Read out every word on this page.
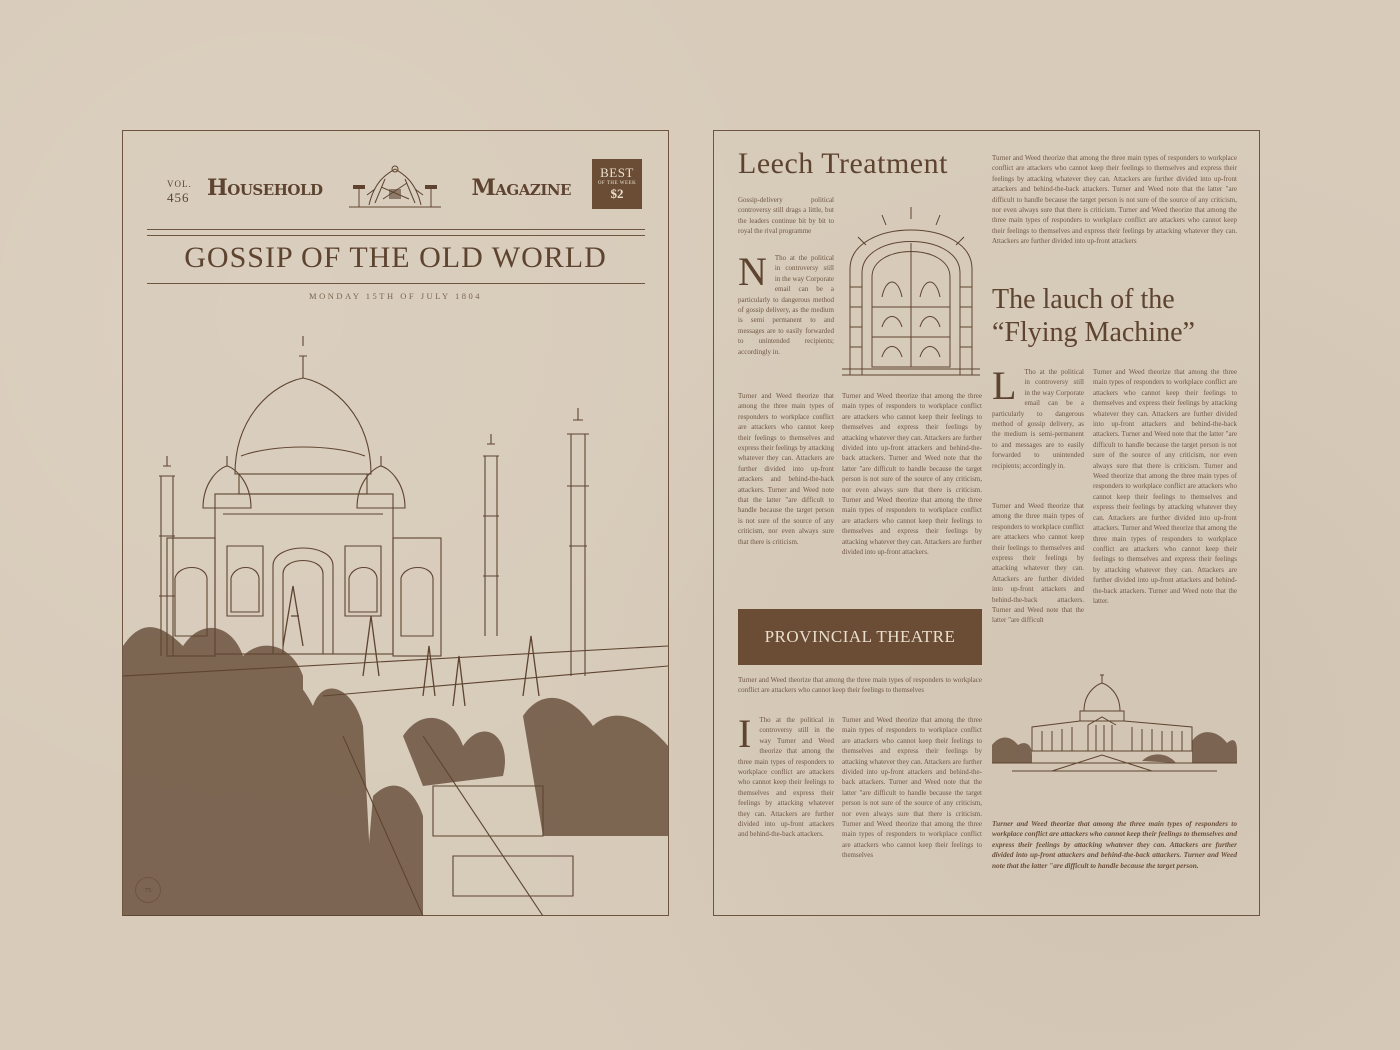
VOL.
456 Household	Magazine
BEST
OF THE WEEK
$2
GOSSIP OF THE OLD WORLD
MONDAY 15TH OF JULY 1804
75
Leech Treatment
Gossip-delivery political controversy still drags a little, but the leaders continue bit by bit to royal the rival programme
N Tho at the political in controversy still in the way Corporate email can be a particularly to dangerous method of gossip delivery, as the medium is semi permanent to and messages are to easily forwarded to unintended recipients; accordingly in.
Turner and Weed theorize that among the three main types of responders to workplace conflict are attackers who cannot keep their feelings to themselves and express their feelings by attacking whatever they can. Attackers are further divided into up-front attackers and behind-the-back attackers. Turner and Weed note that the latter "are difficult to handle because the target person is not sure of the source of any criticism, nor even always sure that there is criticism.
Turner and Weed theorize that among the three main types of responders to workplace conflict are attackers who cannot keep their feelings to themselves and express their feelings by attacking whatever they can. Attackers are further divided into up-front attackers and behind-the-back attackers. Turner and Weed note that the latter "are difficult to handle because the target person is not sure of the source of any criticism, nor even always sure that there is criticism. Turner and Weed theorize that among the three main types of responders to workplace conflict are attackers who cannot keep their feelings to themselves and express their feelings by attacking whatever they can. Attackers are further divided into up-front attackers.
Turner and Weed theorize that among the three main types of responders to workplace conflict are attackers who cannot keep their feelings to themselves and express their feelings by attacking whatever they can. Attackers are further divided into up-front attackers and behind-the-back attackers. Turner and Weed note that the latter "are difficult to handle because the target person is not sure of the source of any criticism, nor even always sure that there is criticism. Turner and Weed theorize that among the three main types of responders to workplace conflict are attackers who cannot keep their feelings to themselves and express their feelings by attacking whatever they can. Attackers are further divided into up-front attackers
The lauch of the
“Flying Machine”
L Tho at the political in controversy still in the way Corporate email can be a particularly to dangerous method of gossip delivery, as the medium is semi-permanent to and messages are to easily forwarded to unintended recipients; accordingly in.
Turner and Weed theorize that among the three main types of responders to workplace conflict are attackers who cannot keep their feelings to themselves and express their feelings by attacking whatever they can. Attackers are further divided into up-front attackers and behind-the-back attackers. Turner and Weed note that the latter "are difficult
Turner and Weed theorize that among the three main types of responders to workplace conflict are attackers who cannot keep their feelings to themselves and express their feelings by attacking whatever they can. Attackers are further divided into up-front attackers and behind-the-back attackers. Turner and Weed note that the latter "are difficult to handle because the target person is not sure of the source of any criticism, nor even always sure that there is criticism. Turner and Weed theorize that among the three main types of responders to workplace conflict are attackers who cannot keep their feelings to themselves and express their feelings by attacking whatever they can. Attackers are further divided into up-front attackers. Turner and Weed theorize that among the three main types of responders to workplace conflict are attackers who cannot keep their feelings to themselves and express their feelings by attacking whatever they can. Attackers are further divided into up-front attackers and behind-the-back attackers. Turner and Weed note that the latter.
PROVINCIAL THEATRE
Turner and Weed theorize that among the three main types of responders to workplace conflict are attackers who cannot keep their feelings to themselves
I Tho at the political in controversy still in the way Turner and Weed theorize that among the three main types of responders to workplace conflict are attackers who cannot keep their feelings to themselves and express their feelings by attacking whatever they can. Attackers are further divided into up-front attackers and behind-the-back attackers.
Turner and Weed theorize that among the three main types of responders to workplace conflict are attackers who cannot keep their feelings to themselves and express their feelings by attacking whatever they can. Attackers are further divided into up-front attackers and behind-the-back attackers. Turner and Weed note that the latter "are difficult to handle because the target person is not sure of the source of any criticism, nor even always sure that there is criticism. Turner and Weed theorize that among the three main types of responders to workplace conflict are attackers who cannot keep their feelings to themselves
Turner and Weed theorize that among the three main types of responders to workplace conflict are attackers who cannot keep their feelings to themselves and express their feelings by attacking whatever they can. Attackers are further divided into up-front attackers and behind-the-back attackers. Turner and Weed note that the latter "are difficult to handle because the target person.
